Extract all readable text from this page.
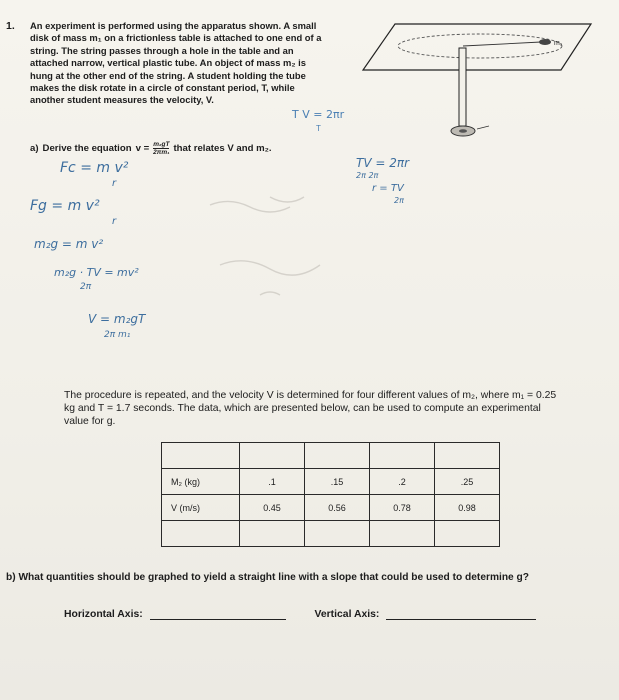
1. An experiment is performed using the apparatus shown. A small
disk of mass m₁ on a frictionless table is attached to one end of a
string. The string passes through a hole in the table and an
attached narrow, vertical plastic tube. An object of mass m₂ is
hung at the other end of the string. A student holding the tube
makes the disk rotate in a circle of constant period, T, while
another student measures the velocity, V.
m₁
T V = 2πr
T
a) Derive the equation $v = \frac{\text{m₂gT}}{\text{2πm₁}}$ that relates V and m₂.
Fc = m v²
r
Fg = m v²
r
m₂g = m v²
m₂g · TV = mv²
2π
V = m₂gT
2π m₁
TV = 2πr
2π 2π
r = TV
2π
The procedure is repeated, and the velocity V is determined for four different values of m₂, where m₁ = 0.25
kg and T = 1.7 seconds. The data, which are presented below, can be used to compute an experimental
value for g.

M₂ (kg)	.1	.15	.2	.25
V (m/s)	0.45	0.56	0.78	0.98

b) What quantities should be graphed to yield a straight line with a slope that could be used to determine g?
Horizontal Axis:	Vertical Axis:
